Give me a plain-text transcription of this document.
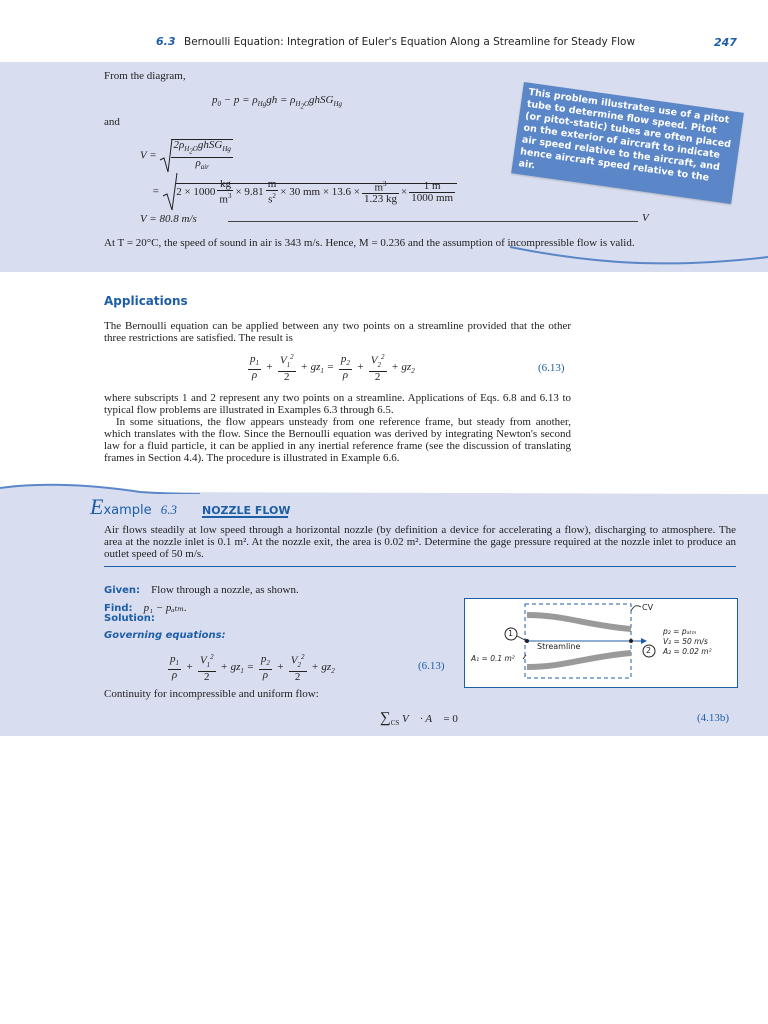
6.3 Bernoulli Equation: Integration of Euler's Equation Along a Streamline for Steady Flow	247
From the diagram,
$p_0 - p = \rho_{Hg}gh$ = $\rho_{H_2O}ghSG_{Hg}$
and
$V = \frac{2\rho_{H_2O}ghSG_{Hg}}{\rho_{air}}$
= $2 \times 1000 \frac{kg}{m^3} \times 9.81 \frac{m}{s^2} \times 30$ mm × $13.6 \times \frac{m^3}{1.23 kg} \times \frac{1 m}{1000 mm}$
V = 80.8 m/s	V
At T = 20°C, the speed of sound in air is 343 m/s. Hence, M = 0.236 and the assumption of incompressible flow is valid.
This problem illustrates use of a pitot tube to determine flow speed. Pitot (or pitot-static) tubes are often placed on the exterior of aircraft to indicate air speed relative to the aircraft, and hence aircraft speed relative to the air.
Applications
The Bernoulli equation can be applied between any two points on a streamline provided that the other three restrictions are satisfied. The result is
$\frac{p_1}{\rho} + \frac{V_1^2}{2} + gz_1 = \frac{p_2}{\rho} + \frac{V_2^2}{2} + gz_2$	(6.13)
where subscripts 1 and 2 represent any two points on a streamline. Applications of Eqs. 6.8 and 6.13 to typical flow problems are illustrated in Examples 6.3 through 6.5.
In some situations, the flow appears unsteady from one reference frame, but steady from another, which translates with the flow. Since the Bernoulli equation was derived by integrating Newton's second law for a fluid particle, it can be applied in any inertial reference frame (see the discussion of translating frames in Section 4.4). The procedure is illustrated in Example 6.6.
Example 6.3 NOZZLE FLOW
Air flows steadily at low speed through a horizontal nozzle (by definition a device for accelerating a flow), discharging to atmosphere. The area at the nozzle inlet is 0.1 m². At the nozzle exit, the area is 0.02 m². Determine the gage pressure required at the nozzle inlet to produce an outlet speed of 50 m/s.
Given: Flow through a nozzle, as shown.
Find: p₁ − pₐₜₘ.
Solution:
Governing equations:
$\frac{p_1}{\rho} + \frac{V_1^2}{2} + gz_1 = \frac{p_2}{\rho} + \frac{V_2^2}{2} + gz_2$	(6.13)
Continuity for incompressible and uniform flow:
$\sum_{CS}$ V⃗ · A⃗ = 0	(4.13b)
CV
Streamline
1
2
A₁ = 0.1 m²
p₂ = pₐₜₘ
V₂ = 50 m/s
A₂ = 0.02 m²
